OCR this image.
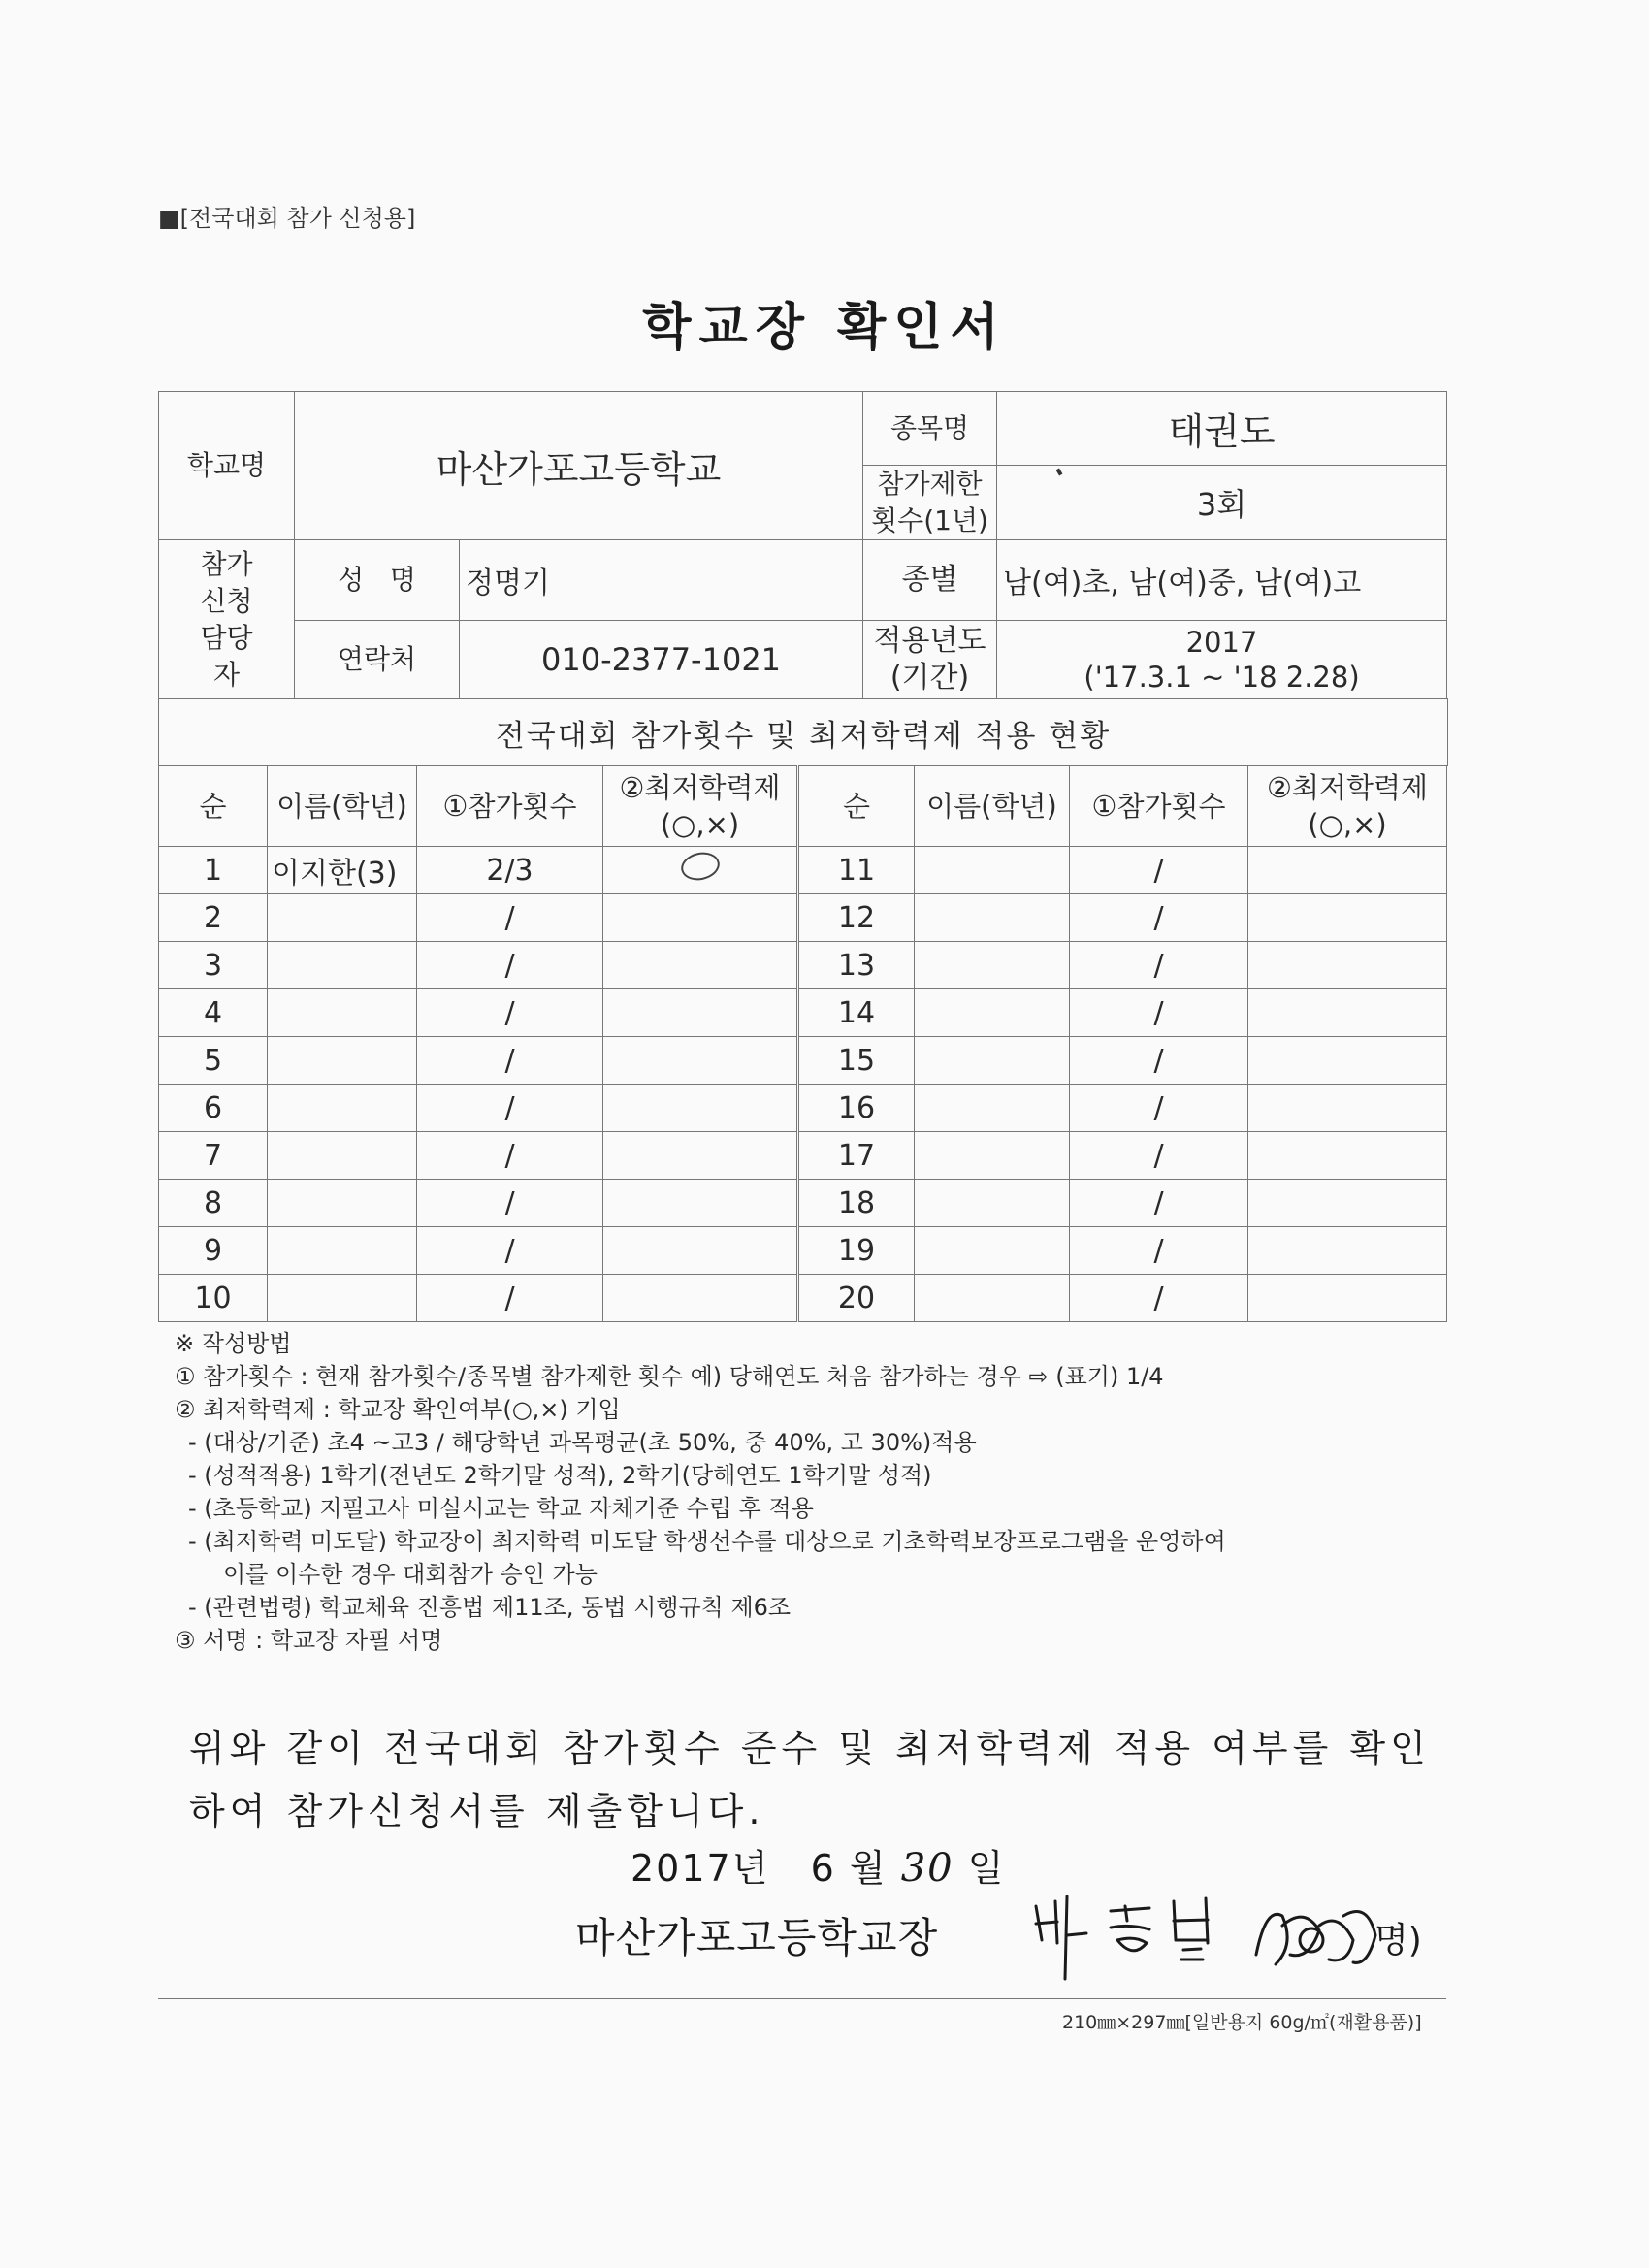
■[전국대회 참가 신청용]
학교장 확인서
학교명	마산가포고등학교		종목명	태권도
			참가제한 횟수(1년)	3회
참가 신청 담당자	성   명	정명기	종별	남(여)초, 남(여)중, 남(여)고
	연락처	010-2377-1021	적용년도 (기간)	2017
('17.3.1 ~ '18 2.28)
전국대회 참가횟수 및 최저학력제 적용 현황
순	이름(학년)	①참가횟수	②최저학력제 (○,×)	순	이름(학년)	①참가횟수	②최저학력제 (○,×)
1	이지한(3)	2/3		11		/	
2		/		12		/	
3		/		13		/	
4		/		14		/	
5		/		15		/	
6		/		16		/	
7		/		17		/	
8		/		18		/	
9		/		19		/	
10		/		20		/	
※ 작성방법
① 참가횟수 : 현재 참가횟수/종목별 참가제한 횟수 예) 당해연도 처음 참가하는 경우 ⇨ (표기) 1/4
② 최저학력제 : 학교장 확인여부(○,×) 기입
- (대상/기준) 초4 ~고3 / 해당학년 과목평균(초 50%, 중 40%, 고 30%)적용
- (성적적용) 1학기(전년도 2학기말 성적), 2학기(당해연도 1학기말 성적)
- (초등학교) 지필고사 미실시교는 학교 자체기준 수립 후 적용
- (최저학력 미도달) 학교장이 최저학력 미도달 학생선수를 대상으로 기초학력보장프로그램을 운영하여
이를 이수한 경우 대회참가 승인 가능
- (관련법령) 학교체육 진흥법 제11조, 동법 시행규칙 제6조
③ 서명 : 학교장 자필 서명
위와 같이 전국대회 참가횟수 준수 및 최저학력제 적용 여부를 확인
하여 참가신청서를 제출합니다.
2017년 6 월 30 일
마산가포고등학교장	명)
210㎜×297㎜[일반용지 60g/㎡(재활용품)]
